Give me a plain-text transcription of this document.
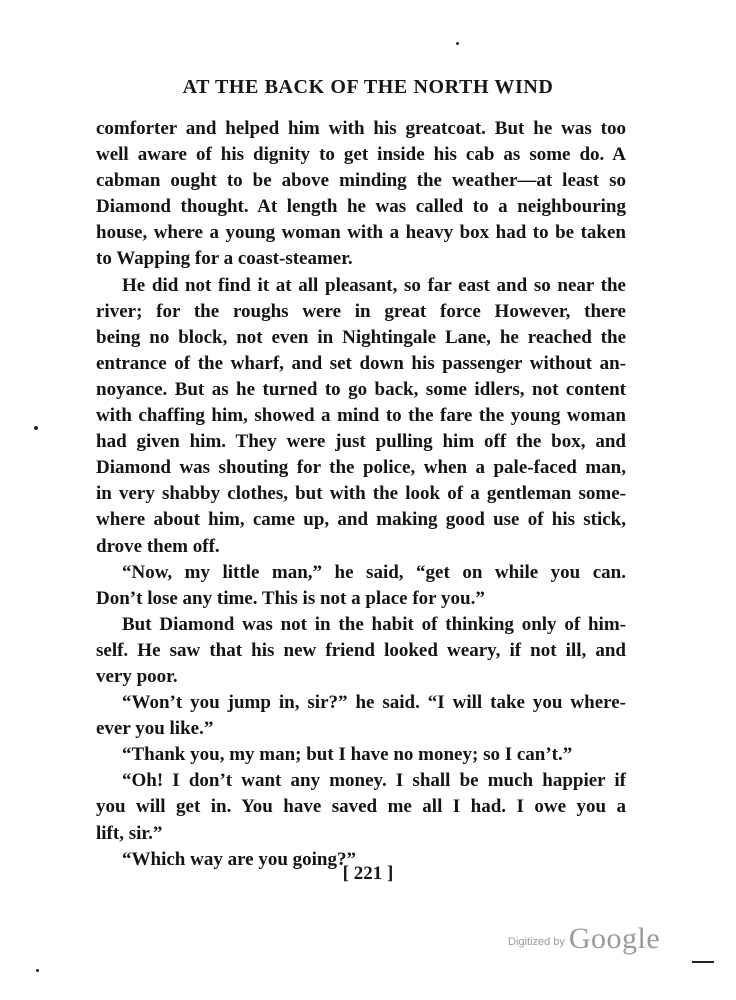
AT THE BACK OF THE NORTH WIND
comforter and helped him with his greatcoat. But he was too
well aware of his dignity to get inside his cab as some do. A
cabman ought to be above minding the weather—at least so
Diamond thought. At length he was called to a neighbouring
house, where a young woman with a heavy box had to be taken
to Wapping for a coast-steamer.
He did not find it at all pleasant, so far east and so near the
river; for the roughs were in great force However, there
being no block, not even in Nightingale Lane, he reached the
entrance of the wharf, and set down his passenger without an-
noyance. But as he turned to go back, some idlers, not content
with chaffing him, showed a mind to the fare the young woman
had given him. They were just pulling him off the box, and
Diamond was shouting for the police, when a pale-faced man,
in very shabby clothes, but with the look of a gentleman some-
where about him, came up, and making good use of his stick,
drove them off.
“Now, my little man,” he said, “get on while you can.
Don’t lose any time. This is not a place for you.”
But Diamond was not in the habit of thinking only of him-
self. He saw that his new friend looked weary, if not ill, and
very poor.
“Won’t you jump in, sir?” he said. “I will take you where-
ever you like.”
“Thank you, my man; but I have no money; so I can’t.”
“Oh! I don’t want any money. I shall be much happier if
you will get in. You have saved me all I had. I owe you a
lift, sir.”
“Which way are you going?”
[ 221 ]
Digitized by Google
